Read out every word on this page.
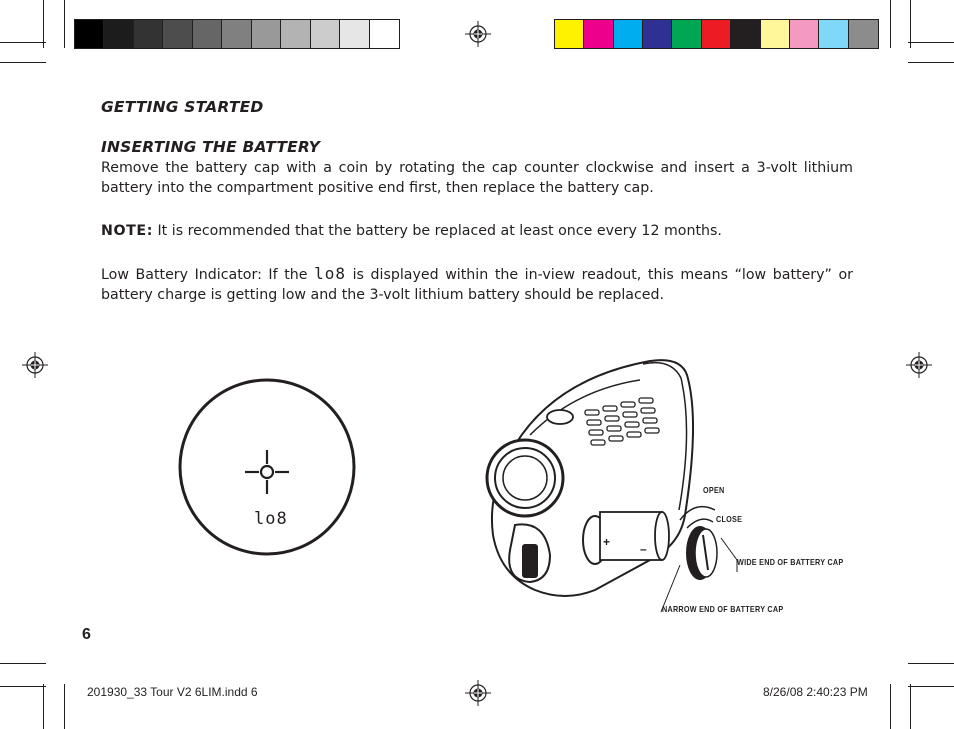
GETTING STARTED
INSERTING THE BATTERY
Remove the battery cap with a coin by rotating the cap counter clockwise and insert a 3-volt lithium battery into the compartment positive end first, then replace the battery cap.
NOTE: It is recommended that the battery be replaced at least once every 12 months.
Low Battery Indicator: If the lo8 is displayed within the in-view readout, this means “low battery” or battery charge is getting low and the 3-volt lithium battery should be replaced.
lo8
+ –
OPEN
CLOSE
WIDE END OF BATTERY CAP
NARROW END OF BATTERY CAP
6
201930_33 Tour V2 6LIM.indd 6	8/26/08 2:40:23 PM
